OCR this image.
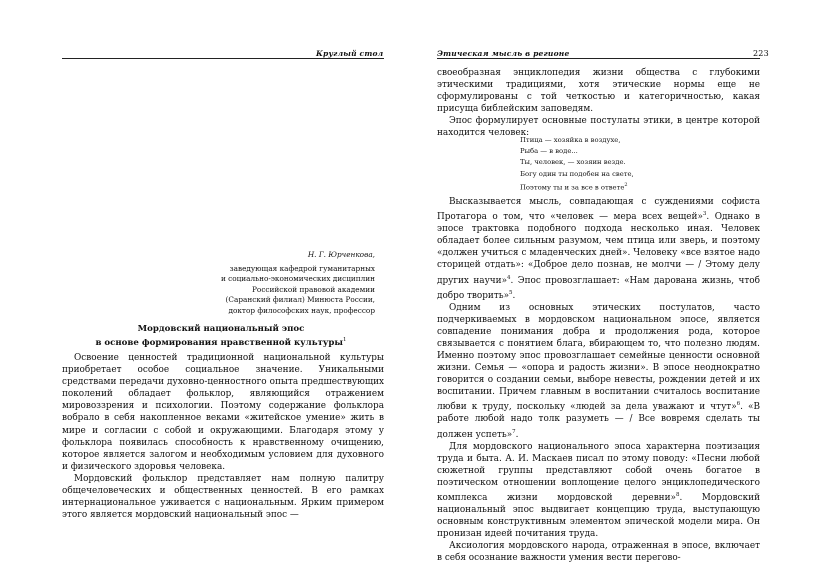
Круглый стол
Н. Г. Юрченкова,
заведующая кафедрой гуманитарных
и социально-экономических дисциплин
Российской правовой академии
(Саранский филиал) Минюста России,
доктор философских наук, профессор
Мордовский национальный эпос
в основе формирования нравственной культуры$^1$

Освоение ценностей традиционной национальной культуры приобретает особое социальное значение. Уникальными средствами передачи духовно-ценностного опыта предшествующих поколений обладает фольклор, являющийся отражением мировоззрения и психологии. Поэтому содержание фольклора вобрало в себя накопленное веками «житейское умение» жить в мире и согласии с собой и окружающими. Благодаря этому у фольклора появилась способность к нравственному очищению, которое является залогом и необходимым условием для духовного и физического здоровья человека.

Мордовский фольклор представляет нам полную палитру общечеловеческих и общественных ценностей. В его рамках интернациональное уживается с национальным. Ярким примером этого является мордовский национальный эпос —

Этическая мысль в регионе	223

своеобразная энциклопедия жизни общества с глубокими этическими традициями, хотя этические нормы еще не сформулированы с той четкостью и категоричностью, какая присуща библейским заповедям.

Эпос формулирует основные постулаты этики, в центре которой находится человек:

Высказывается мысль, совпадающая с суждениями софиста Протагора о том, что «человек — мера всех вещей»$^3$. Однако в эпосе трактовка подобного подхода несколько иная. Человек обладает более сильным разумом, чем птица или зверь, и поэтому «должен учиться с младенческих дней». Человеку «все взятое надо сторицей отдать»: «Доброе дело познав, не молчи — / Этому делу других научи»$^4$. Эпос провозглашает: «Нам дарована жизнь, чтоб добро творить»$^5$.

Одним из основных этических постулатов, часто подчеркиваемых в мордовском национальном эпосе, является совпадение понимания добра и продолжения рода, которое связывается с понятием блага, вбирающем то, что полезно людям. Именно поэтому эпос провозглашает семейные ценности основной жизни. Семья — «опора и радость жизни». В эпосе неоднократно говорится о создании семьи, выборе невесты, рождении детей и их воспитании. Причем главным в воспитании считалось воспитание любви к труду, поскольку «людей за дела уважают и чтут»$^6$. «В работе любой надо толк разуметь — / Все вовремя сделать ты должен успеть»$^7$.

Для мордовского национального эпоса характерна поэтизация труда и быта. А. И. Маскаев писал по этому поводу: «Песни любой сюжетной группы представляют собой очень богатое в поэтическом отношении воплощение целого энциклопедического комплекса жизни мордовской деревни»$^8$. Мордовский национальный эпос выдвигает концепцию труда, выступающую основным конструктивным элементом эпической модели мира. Он пронизан идеей почитания труда.

Аксиология мордовского народа, отраженная в эпосе, включает в себя осознание важности умения вести перегово-

Птица — хозяйка в воздухе,
Рыба — в воде...
Ты, человек, — хозяин везде.
Богу один ты подобен на свете,
Поэтому ты и за все в ответе$^2$
